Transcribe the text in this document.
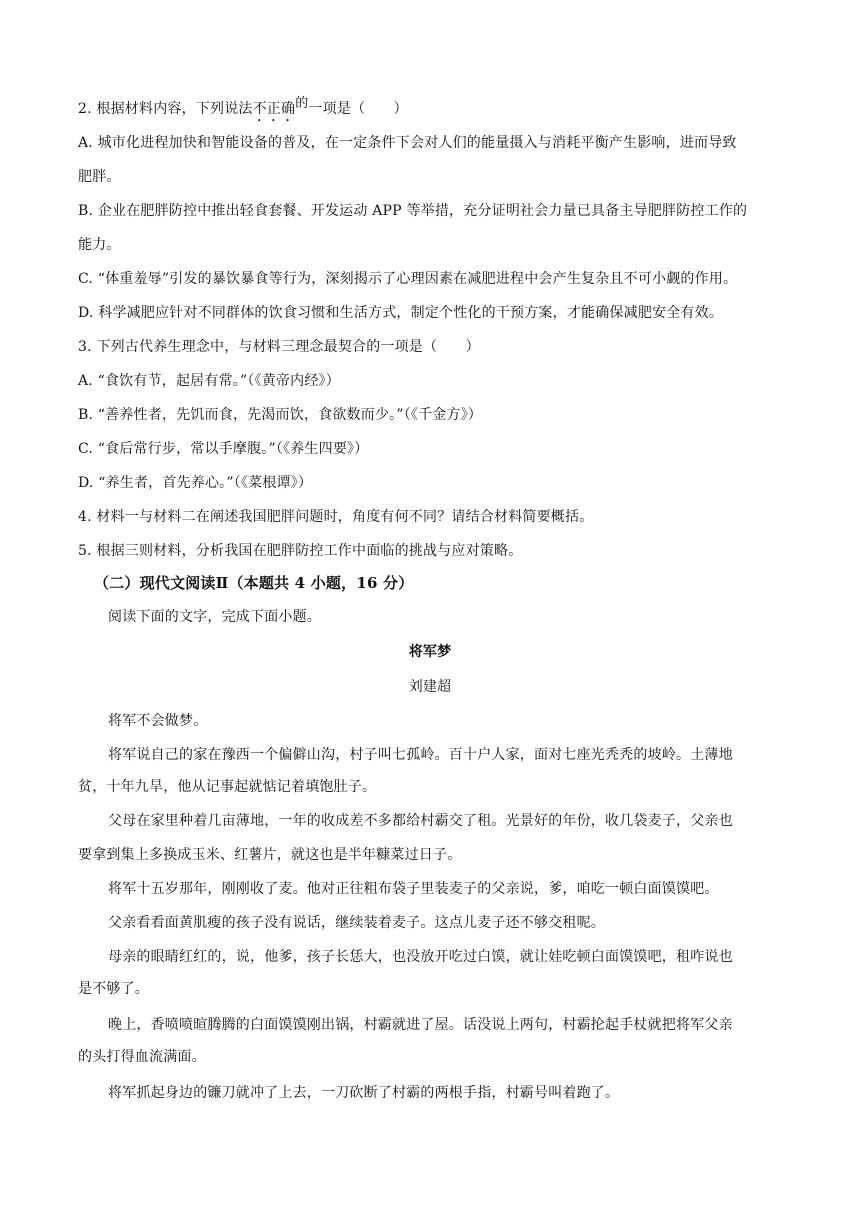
2. 根据材料内容，下列说法不正确的一项是（　　）
A. 城市化进程加快和智能设备的普及，在一定条件下会对人们的能量摄入与消耗平衡产生影响，进而导致
肥胖。
B. 企业在肥胖防控中推出轻食套餐、开发运动 APP 等举措，充分证明社会力量已具备主导肥胖防控工作的
能力。
C. “体重羞辱”引发的暴饮暴食等行为，深刻揭示了心理因素在减肥进程中会产生复杂且不可小觑的作用。
D. 科学减肥应针对不同群体的饮食习惯和生活方式，制定个性化的干预方案，才能确保减肥安全有效。
3. 下列古代养生理念中，与材料三理念最契合的一项是（　　）
A. “食饮有节，起居有常。”（《黄帝内经》）
B. “善养性者，先饥而食，先渴而饮，食欲数而少。”（《千金方》）
C. “食后常行步，常以手摩腹。”（《养生四要》）
D. “养生者，首先养心。”（《菜根谭》）
4. 材料一与材料二在阐述我国肥胖问题时，角度有何不同？请结合材料简要概括。
5. 根据三则材料，分析我国在肥胖防控工作中面临的挑战与应对策略。
（二）现代文阅读Ⅱ（本题共 4 小题，16 分）
阅读下面的文字，完成下面小题。
将军梦
刘建超
将军不会做梦。
将军说自己的家在豫西一个偏僻山沟，村子叫七孤岭。百十户人家，面对七座光秃秃的坡岭。土薄地
贫，十年九旱，他从记事起就惦记着填饱肚子。
父母在家里种着几亩薄地，一年的收成差不多都给村霸交了租。光景好的年份，收几袋麦子，父亲也
要拿到集上多换成玉米、红薯片，就这也是半年糠菜过日子。
将军十五岁那年，刚刚收了麦。他对正往粗布袋子里装麦子的父亲说，爹，咱吃一顿白面馍馍吧。
父亲看看面黄肌瘦的孩子没有说话，继续装着麦子。这点儿麦子还不够交租呢。
母亲的眼睛红红的，说，他爹，孩子长恁大，也没放开吃过白馍，就让娃吃顿白面馍馍吧，租咋说也
是不够了。
晚上，香喷喷暄腾腾的白面馍馍刚出锅，村霸就进了屋。话没说上两句，村霸抡起手杖就把将军父亲
的头打得血流满面。
将军抓起身边的镰刀就冲了上去，一刀砍断了村霸的两根手指，村霸号叫着跑了。
